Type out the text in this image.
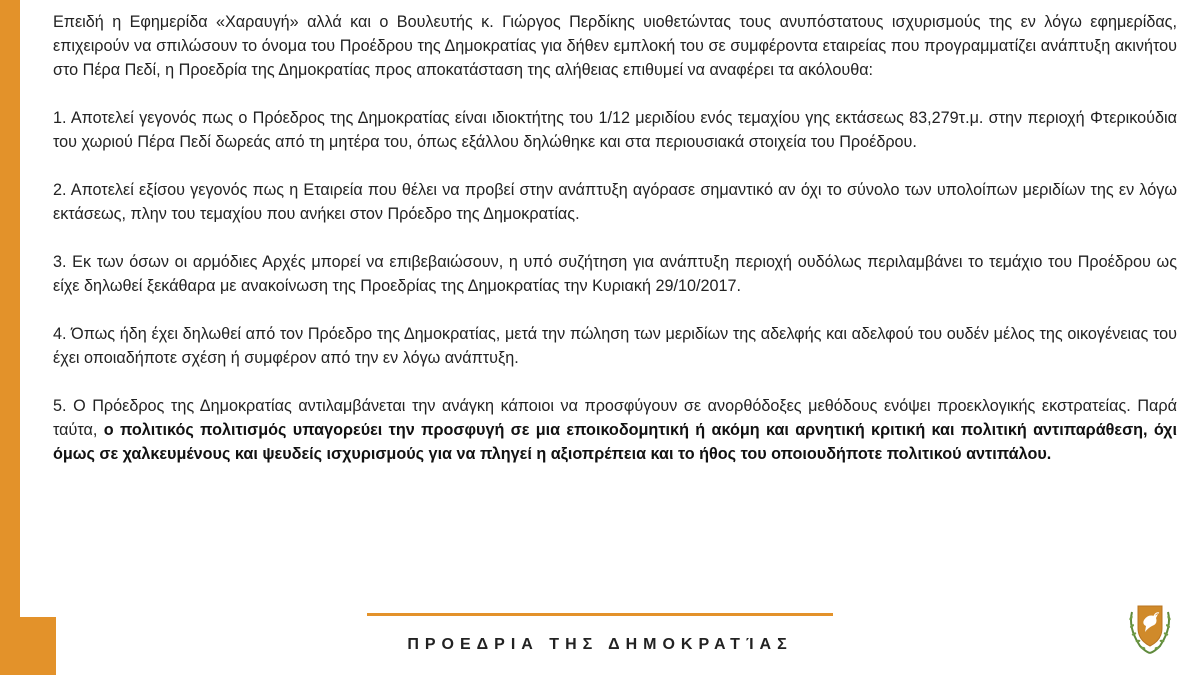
Επειδή η Εφημερίδα «Χαραυγή» αλλά και ο Βουλευτής κ. Γιώργος Περδίκης υιοθετώντας τους ανυπόστατους ισχυρισμούς της εν λόγω εφημερίδας, επιχειρούν να σπιλώσουν το όνομα του Προέδρου της Δημοκρατίας για δήθεν εμπλοκή του σε συμφέροντα εταιρείας που προγραμματίζει ανάπτυξη ακινήτου στο Πέρα Πεδί, η Προεδρία της Δημοκρατίας προς αποκατάσταση της αλήθειας επιθυμεί να αναφέρει τα ακόλουθα:

1. Αποτελεί γεγονός πως ο Πρόεδρος της Δημοκρατίας είναι ιδιοκτήτης του 1/12 μεριδίου ενός τεμαχίου γης εκτάσεως 83,279τ.μ. στην περιοχή Φτερικούδια του χωριού Πέρα Πεδί δωρεάς από τη μητέρα του, όπως εξάλλου δηλώθηκε και στα περιουσιακά στοιχεία του Προέδρου.

2. Αποτελεί εξίσου γεγονός πως η Εταιρεία που θέλει να προβεί στην ανάπτυξη αγόρασε σημαντικό αν όχι το σύνολο των υπολοίπων μεριδίων της εν λόγω εκτάσεως, πλην του τεμαχίου που ανήκει στον Πρόεδρο της Δημοκρατίας.

3. Εκ των όσων οι αρμόδιες Αρχές μπορεί να επιβεβαιώσουν, η υπό συζήτηση για ανάπτυξη περιοχή ουδόλως περιλαμβάνει το τεμάχιο του Προέδρου ως είχε δηλωθεί ξεκάθαρα με ανακοίνωση της Προεδρίας της Δημοκρατίας την Κυριακή 29/10/2017.

4. Όπως ήδη έχει δηλωθεί από τον Πρόεδρο της Δημοκρατίας, μετά την πώληση των μεριδίων της αδελφής και αδελφού του ουδέν μέλος της οικογένειας του έχει οποιαδήποτε σχέση ή συμφέρον από την εν λόγω ανάπτυξη.

5. Ο Πρόεδρος της Δημοκρατίας αντιλαμβάνεται την ανάγκη κάποιοι να προσφύγουν σε ανορθόδοξες μεθόδους ενόψει προεκλογικής εκστρατείας. Παρά ταύτα, ο πολιτικός πολιτισμός υπαγορεύει την προσφυγή σε μια εποικοδομητική ή ακόμη και αρνητική κριτική και πολιτική αντιπαράθεση, όχι όμως σε χαλκευμένους και ψευδείς ισχυρισμούς για να πληγεί η αξιοπρέπεια και το ήθος του οποιουδήποτε πολιτικού αντιπάλου.

ΠΡΟΕΔΡΙΑ ΤΗΣ ΔΗΜΟΚΡΑΤΊΑΣ
